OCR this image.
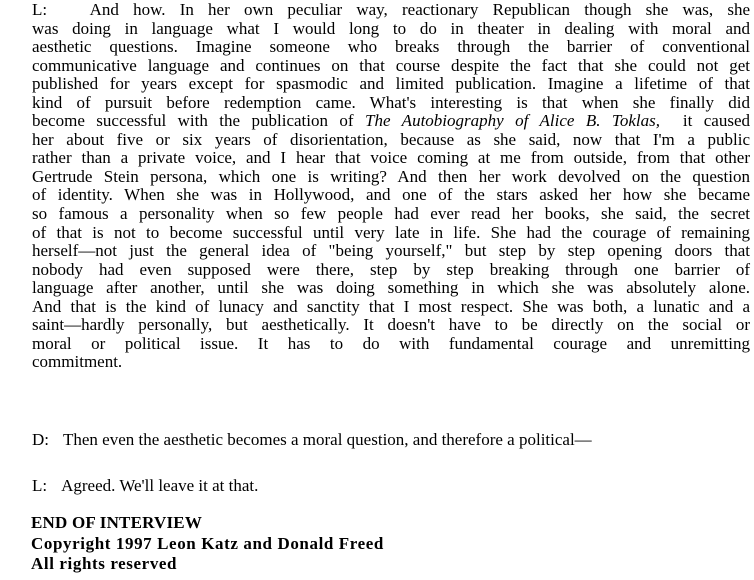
L:	And how. In her own peculiar way, reactionary Republican though she was, she
was doing in language what I would long to do in theater in dealing with moral and
aesthetic questions. Imagine someone who breaks through the barrier of conventional
communicative language and continues on that course despite the fact that she could not get
published for years except for spasmodic and limited publication. Imagine a lifetime of that
kind of pursuit before redemption came. What's interesting is that when she finally did
become successful with the publication of The Autobiography of Alice B. Toklas, it caused
her about five or six years of disorientation, because as she said, now that I'm a public
rather than a private voice, and I hear that voice coming at me from outside, from that other
Gertrude Stein persona, which one is writing? And then her work devolved on the question
of identity. When she was in Hollywood, and one of the stars asked her how she became
so famous a personality when so few people had ever read her books, she said, the secret
of that is not to become successful until very late in life. She had the courage of remaining
herself—not just the general idea of "being yourself," but step by step opening doors that
nobody had even supposed were there, step by step breaking through one barrier of
language after another, until she was doing something in which she was absolutely alone.
And that is the kind of lunacy and sanctity that I most respect. She was both, a lunatic and a
saint—hardly personally, but aesthetically. It doesn't have to be directly on the social or
moral or political issue. It has to do with fundamental courage and unremitting
commitment.
D: Then even the aesthetic becomes a moral question, and therefore a political—
L: Agreed. We'll leave it at that.
END OF INTERVIEW
Copyright 1997 Leon Katz and Donald Freed
All rights reserved
